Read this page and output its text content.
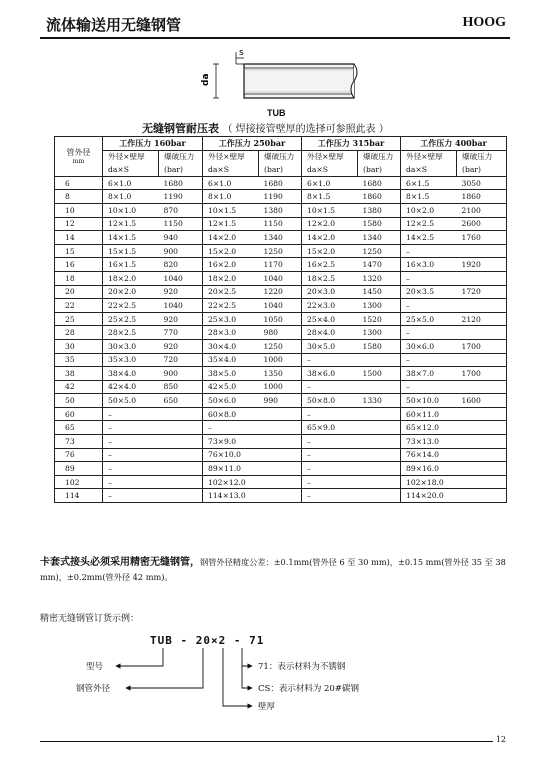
流体输送用无缝钢管	HOOG
da
s
TUB
无缝钢管耐压表 （ 焊接接管壁厚的选择可参照此表 ）
管外径
mm	工作压力 160bar		工作压力 250bar		工作压力 315bar		工作压力 400bar	
	外径×壁厚	爆破压力	外径×壁厚	爆破压力	外径×壁厚	爆破压力	外径×壁厚	爆破压力
	da×S	(bar)	da×S	(bar)	da×S	(bar)	da×S	(bar)
6	6×1.0	1680	6×1.0	1680	6×1.0	1680	6×1.5	3050
8	8×1.0	1190	8×1.0	1190	8×1.5	1860	8×1.5	1860
10	10×1.0	870	10×1.5	1380	10×1.5	1380	10×2.0	2100
12	12×1.5	1150	12×1.5	1150	12×2.0	1580	12×2.5	2600
14	14×1.5	940	14×2.0	1340	14×2.0	1340	14×2.5	1760
15	15×1.5	900	15×2.0	1250	15×2.0	1250	–	
16	16×1.5	820	16×2.0	1170	16×2.5	1470	16×3.0	1920
18	18×2.0	1040	18×2.0	1040	18×2.5	1320	–	
20	20×2.0	920	20×2.5	1220	20×3.0	1450	20×3.5	1720
22	22×2.5	1040	22×2.5	1040	22×3.0	1300	–	
25	25×2.5	920	25×3.0	1050	25×4.0	1520	25×5.0	2120
28	28×2.5	770	28×3.0	980	28×4.0	1300	–	
30	30×3.0	920	30×4.0	1250	30×5.0	1580	30×6.0	1700
35	35×3.0	720	35×4.0	1000	–		–	
38	38×4.0	900	38×5.0	1350	38×6.0	1500	38×7.0	1700
42	42×4.0	850	42×5.0	1000	–		–	
50	50×5.0	650	50×6.0	990	50×8.0	1330	50×10.0	1600
60	–		60×8.0		–		60×11.0	
65	–		–		65×9.0		65×12.0	
73	–		73×9.0		–		73×13.0	
76	–		76×10.0		–		76×14.0	
89	–		89×11.0		–		89×16.0	
102	–		102×12.0		–		102×18.0	
114	–		114×13.0		–		114×20.0	
卡套式接头必须采用精密无缝钢管，钢管外径精度公差：±0.1mm(管外径 6 至 30 mm)，±0.15 mm(管外径 35 至 38 mm)，±0.2mm(管外径 42 mm)。
精密无缝钢管订货示例：
TUB - 20×2 - 71
型号
钢管外径
壁厚
71：表示材料为不锈钢
CS：表示材料为 20#碳钢
12
